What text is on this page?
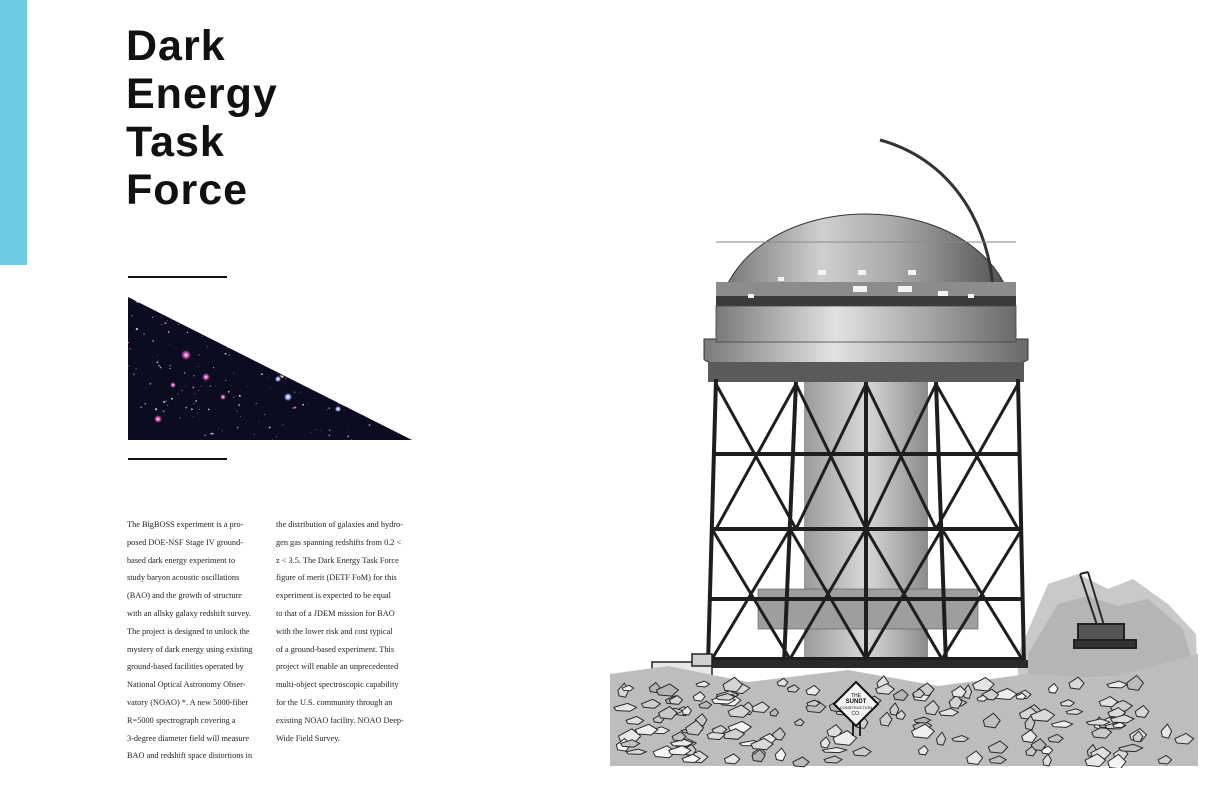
Dark
Energy
Task
Force
The BigBOSS experiment is a pro-
posed DOE-NSF Stage IV ground-
based dark energy experiment to
study baryon acoustic oscillations
(BAO) and the growth of structure
with an allsky galaxy redshift survey.
The project is designed to unlock the
mystery of dark energy using existing
ground-based facilities operated by
National Optical Astronomy Obser-
vatory (NOAO) *. A new 5000-fiber
R=5000 spectrograph covering a
3-degree diameter field will measure
BAO and redshift space distortions in
the distribution of galaxies and hydro-
gen gas spanning redshifts from 0.2 <
z < 3.5. The Dark Energy Task Force
figure of merit (DETF FoM) for this
experiment is expected to be equal
to that of a JDEM mission for BAO
with the lower risk and cost typical
of a ground-based experiment. This
project will enable an unprecedented
multi-object spectroscopic capability
for the U.S. community through an
existing NOAO facility. NOAO Deep-
Wide Field Survey.
THE
SUNDT
CONSTRUCTION
CO.
